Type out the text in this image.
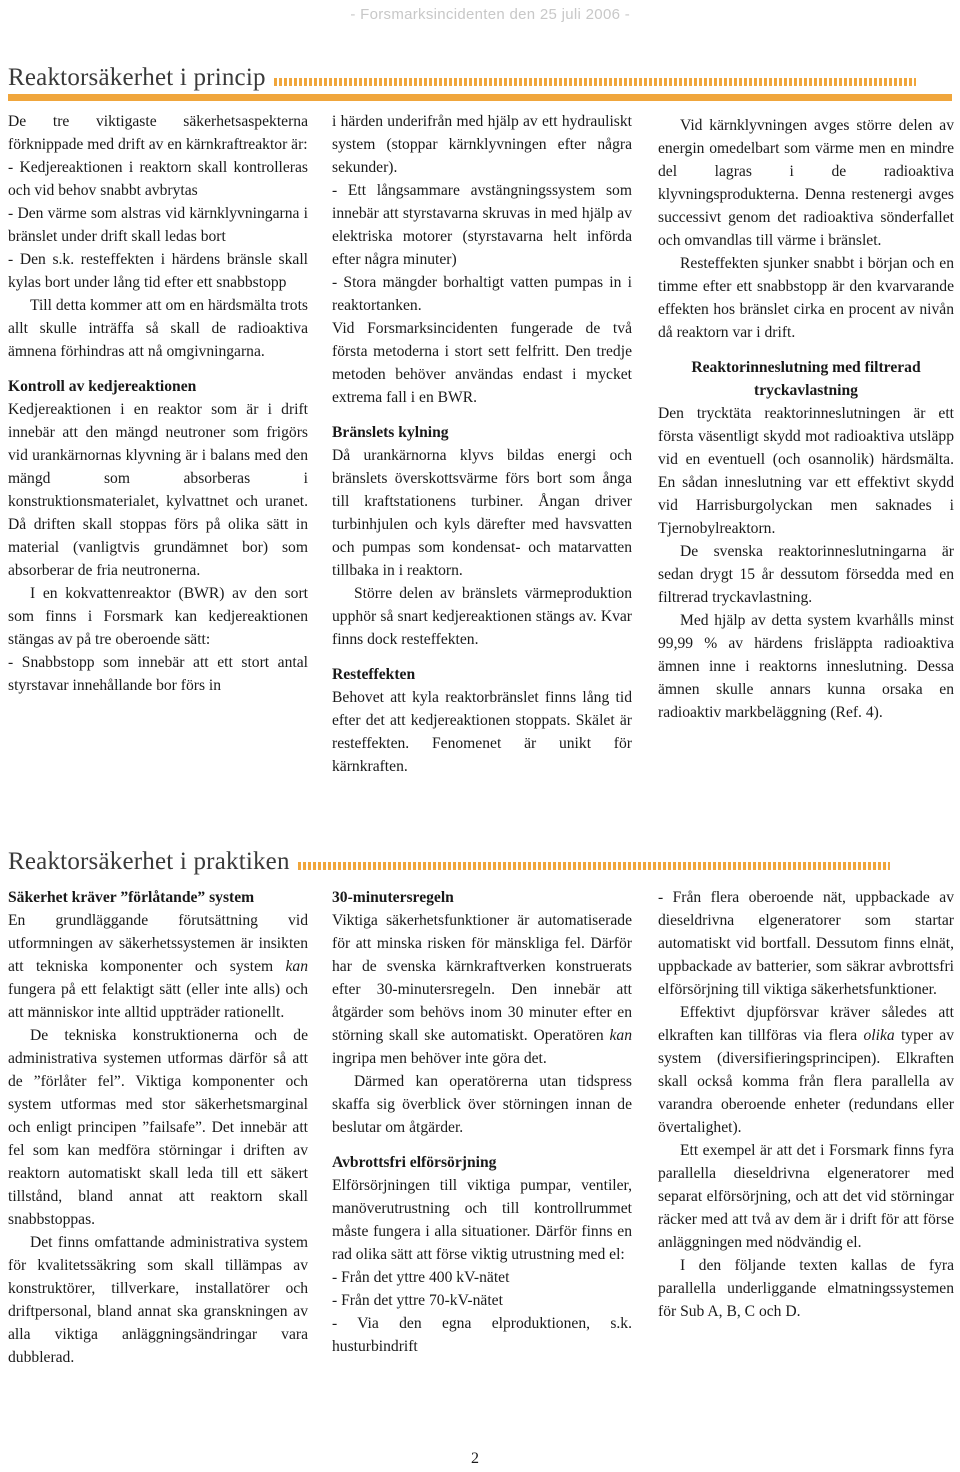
- Forsmarksincidenten den 25 juli 2006 -
Reaktorsäkerhet i princip

De tre viktigaste säkerhetsaspekterna förknippade med drift av en kärnkraftreaktor är:

- Kedjereaktionen i reaktorn skall kontrolleras och vid behov snabbt avbrytas

- Den värme som alstras vid kärnklyvningarna i bränslet under drift skall ledas bort

- Den s.k. resteffekten i härdens bränsle skall kylas bort under lång tid efter ett snabbstopp

Till detta kommer att om en härdsmälta trots allt skulle inträffa så skall de radioaktiva ämnena förhindras att nå omgivningarna.

Kontroll av kedjereaktionen

Kedjereaktionen i en reaktor som är i drift innebär att den mängd neutroner som frigörs vid urankärnornas klyvning är i balans med den mängd som absorberas i konstruktionsmaterialet, kylvattnet och uranet. Då driften skall stoppas förs på olika sätt in material (vanligtvis grundämnet bor) som absorberar de fria neutronerna.

I en kokvattenreaktor (BWR) av den sort som finns i Forsmark kan kedjereaktionen stängas av på tre oberoende sätt:

- Snabbstopp som innebär att ett stort antal styrstavar innehållande bor förs in

i härden underifrån med hjälp av ett hydrauliskt system (stoppar kärnklyvningen efter några sekunder).

- Ett långsammare avstängningssystem som innebär att styrstavarna skruvas in med hjälp av elektriska motorer (styrstavarna helt införda efter några minuter)

- Stora mängder borhaltigt vatten pumpas in i reaktortanken.

Vid Forsmarksincidenten fungerade de två första metoderna i stort sett felfritt. Den tredje metoden behöver användas endast i mycket extrema fall i en BWR.

Bränslets kylning

Då urankärnorna klyvs bildas energi och bränslets överskottsvärme förs bort som ånga till kraftstationens turbiner. Ångan driver turbinhjulen och kyls därefter med havsvatten och pumpas som kondensat- och matarvatten tillbaka in i reaktorn.

Större delen av bränslets värmeproduktion upphör så snart kedjereaktionen stängs av. Kvar finns dock resteffekten.

Resteffekten

Behovet att kyla reaktorbränslet finns lång tid efter det att kedjereaktionen stoppats. Skälet är resteffekten. Fenomenet är unikt för kärnkraften.

Vid kärnklyvningen avges större delen av energin omedelbart som värme men en mindre del lagras i de radioaktiva klyvningsprodukterna. Denna restenergi avges successivt genom det radioaktiva sönderfallet och omvandlas till värme i bränslet.

Resteffekten sjunker snabbt i början och en timme efter ett snabbstopp är den kvarvarande effekten hos bränslet cirka en procent av nivån då reaktorn var i drift.

Reaktorinneslutning med filtrerad tryckavlastning

Den trycktäta reaktorinneslutningen är ett första väsentligt skydd mot radioaktiva utsläpp vid en eventuell (och osannolik) härdsmälta. En sådan inneslutning var ett effektivt skydd vid Harrisburgolyckan men saknades i Tjernobylreaktorn.

De svenska reaktorinneslutningarna är sedan drygt 15 år dessutom försedda med en filtrerad tryckavlastning.

Med hjälp av detta system kvarhålls minst 99,99 % av härdens frisläppta radioaktiva ämnen inne i reaktorns inneslutning. Dessa ämnen skulle annars kunna orsaka en radioaktiv markbeläggning (Ref. 4).

Reaktorsäkerhet i praktiken

Säkerhet kräver ”förlåtande” system

En grundläggande förutsättning vid utformningen av säkerhetssystemen är insikten att tekniska komponenter och system kan fungera på ett felaktigt sätt (eller inte alls) och att människor inte alltid uppträder rationellt.

De tekniska konstruktionerna och de administrativa systemen utformas därför så att de ”förlåter fel”. Viktiga komponenter och system utformas med stor säkerhetsmarginal och enligt principen ”failsafe”. Det innebär att fel som kan medföra störningar i driften av reaktorn automatiskt skall leda till ett säkert tillstånd, bland annat att reaktorn skall snabbstoppas.

Det finns omfattande administrativa system för kvalitetssäkring som skall tillämpas av konstruktörer, tillverkare, installatörer och driftpersonal, bland annat ska granskningen av alla viktiga anläggningsändringar vara dubblerad.

30-minutersregeln

Viktiga säkerhetsfunktioner är automatiserade för att minska risken för mänskliga fel. Därför har de svenska kärnkraftverken konstruerats efter 30-minutersregeln. Den innebär att åtgärder som behövs inom 30 minuter efter en störning skall ske automatiskt. Operatören kan ingripa men behöver inte göra det.

Därmed kan operatörerna utan tidspress skaffa sig överblick över störningen innan de beslutar om åtgärder.

Avbrottsfri elförsörjning

Elförsörjningen till viktiga pumpar, ventiler, manöverutrustning och till kontrollrummet måste fungera i alla situationer. Därför finns en rad olika sätt att förse viktig utrustning med el:

- Från det yttre 400 kV-nätet

- Från det yttre 70-kV-nätet

- Via den egna elproduktionen, s.k. husturbindrift

- Från flera oberoende nät, uppbackade av dieseldrivna elgeneratorer som startar automatiskt vid bortfall. Dessutom finns elnät, uppbackade av batterier, som säkrar avbrottsfri elförsörjning till viktiga säkerhetsfunktioner.

Effektivt djupförsvar kräver således att elkraften kan tillföras via flera olika typer av system (diversifieringsprincipen). Elkraften skall också komma från flera parallella av varandra oberoende enheter (redundans eller övertalighet).

Ett exempel är att det i Forsmark finns fyra parallella dieseldrivna elgeneratorer med separat elförsörjning, och att det vid störningar räcker med att två av dem är i drift för att förse anläggningen med nödvändig el.

I den följande texten kallas de fyra parallella underliggande elmatningssystemen för Sub A, B, C och D.

2
